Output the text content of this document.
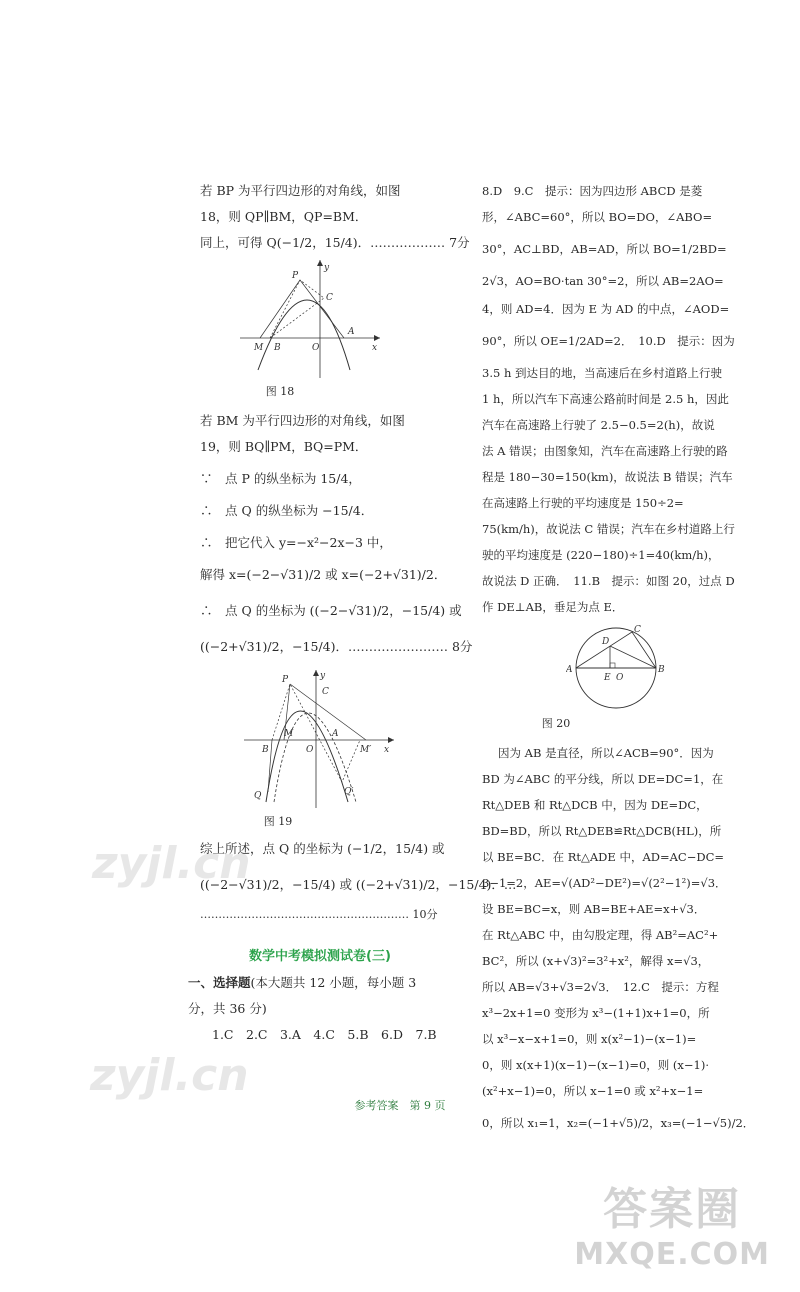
若 BP 为平行四边形的对角线，如图
18，则 QP∥BM，QP=BM．
同上，可得 Q(−1/2，15/4)．……………… 7分
P
C
y
M B	O
A
x
图 18
若 BM 为平行四边形的对角线，如图
19，则 BQ∥PM，BQ=PM．
∵　点 P 的纵坐标为 15/4，
∴　点 Q 的纵坐标为 −15/4．
∴　把它代入 y=−x²−2x−3 中，
解得 x=(−2−√31)/2 或 x=(−2+√31)/2．
∴　点 Q 的坐标为 ((−2−√31)/2，−15/4) 或
((−2+√31)/2，−15/4)．…………………… 8分
P
C
y
B
M
O
A
M′ x
Q	Q′
图 19
综上所述，点 Q 的坐标为 (−1/2，15/4) 或
((−2−√31)/2，−15/4) 或 ((−2+√31)/2，−15/4)．…
………………………………………………… 10分
数学中考模拟测试卷(三)
一、选择题(本大题共 12 小题，每小题 3
分，共 36 分)
1.C　2.C　3.A　4.C　5.B　6.D　7.B
8.D　9.C　提示：因为四边形 ABCD 是菱
形，∠ABC=60°，所以 BO=DO，∠ABO=
30°，AC⊥BD，AB=AD，所以 BO=1/2BD=
2√3，AO=BO·tan 30°=2，所以 AB=2AO=
4，则 AD=4．因为 E 为 AD 的中点，∠AOD=
90°，所以 OE=1/2AD=2．　10.D　提示：因为
3.5 h 到达目的地，当高速后在乡村道路上行驶
1 h，所以汽车下高速公路前时间是 2.5 h，因此
汽车在高速路上行驶了 2.5−0.5=2(h)，故说
法 A 错误；由图象知，汽车在高速路上行驶的路
程是 180−30=150(km)，故说法 B 错误；汽车
在高速路上行驶的平均速度是 150÷2=
75(km/h)，故说法 C 错误；汽车在乡村道路上行
驶的平均速度是 (220−180)÷1=40(km/h)，
故说法 D 正确．　11.B　提示：如图 20，过点 D
作 DE⊥AB，垂足为点 E．
C
D
A	B
E O
图 20
因为 AB 是直径，所以∠ACB=90°．因为
BD 为∠ABC 的平分线，所以 DE=DC=1，在
Rt△DEB 和 Rt△DCB 中，因为 DE=DC，
BD=BD，所以 Rt△DEB≌Rt△DCB(HL)，所
以 BE=BC．在 Rt△ADE 中，AD=AC−DC=
3−1=2，AE=√(AD²−DE²)=√(2²−1²)=√3．
设 BE=BC=x，则 AB=BE+AE=x+√3．
在 Rt△ABC 中，由勾股定理，得 AB²=AC²+
BC²，所以 (x+√3)²=3²+x²，解得 x=√3，
所以 AB=√3+√3=2√3．　12.C　提示：方程
x³−2x+1=0 变形为 x³−(1+1)x+1=0，所
以 x³−x−x+1=0，则 x(x²−1)−(x−1)=
0，则 x(x+1)(x−1)−(x−1)=0，则 (x−1)·
(x²+x−1)=0，所以 x−1=0 或 x²+x−1=
0，所以 x₁=1，x₂=(−1+√5)/2，x₃=(−1−√5)/2．
参考答案　第 9 页
zyjl.cn
zyjl.cn
答案圈
MXQE.COM
